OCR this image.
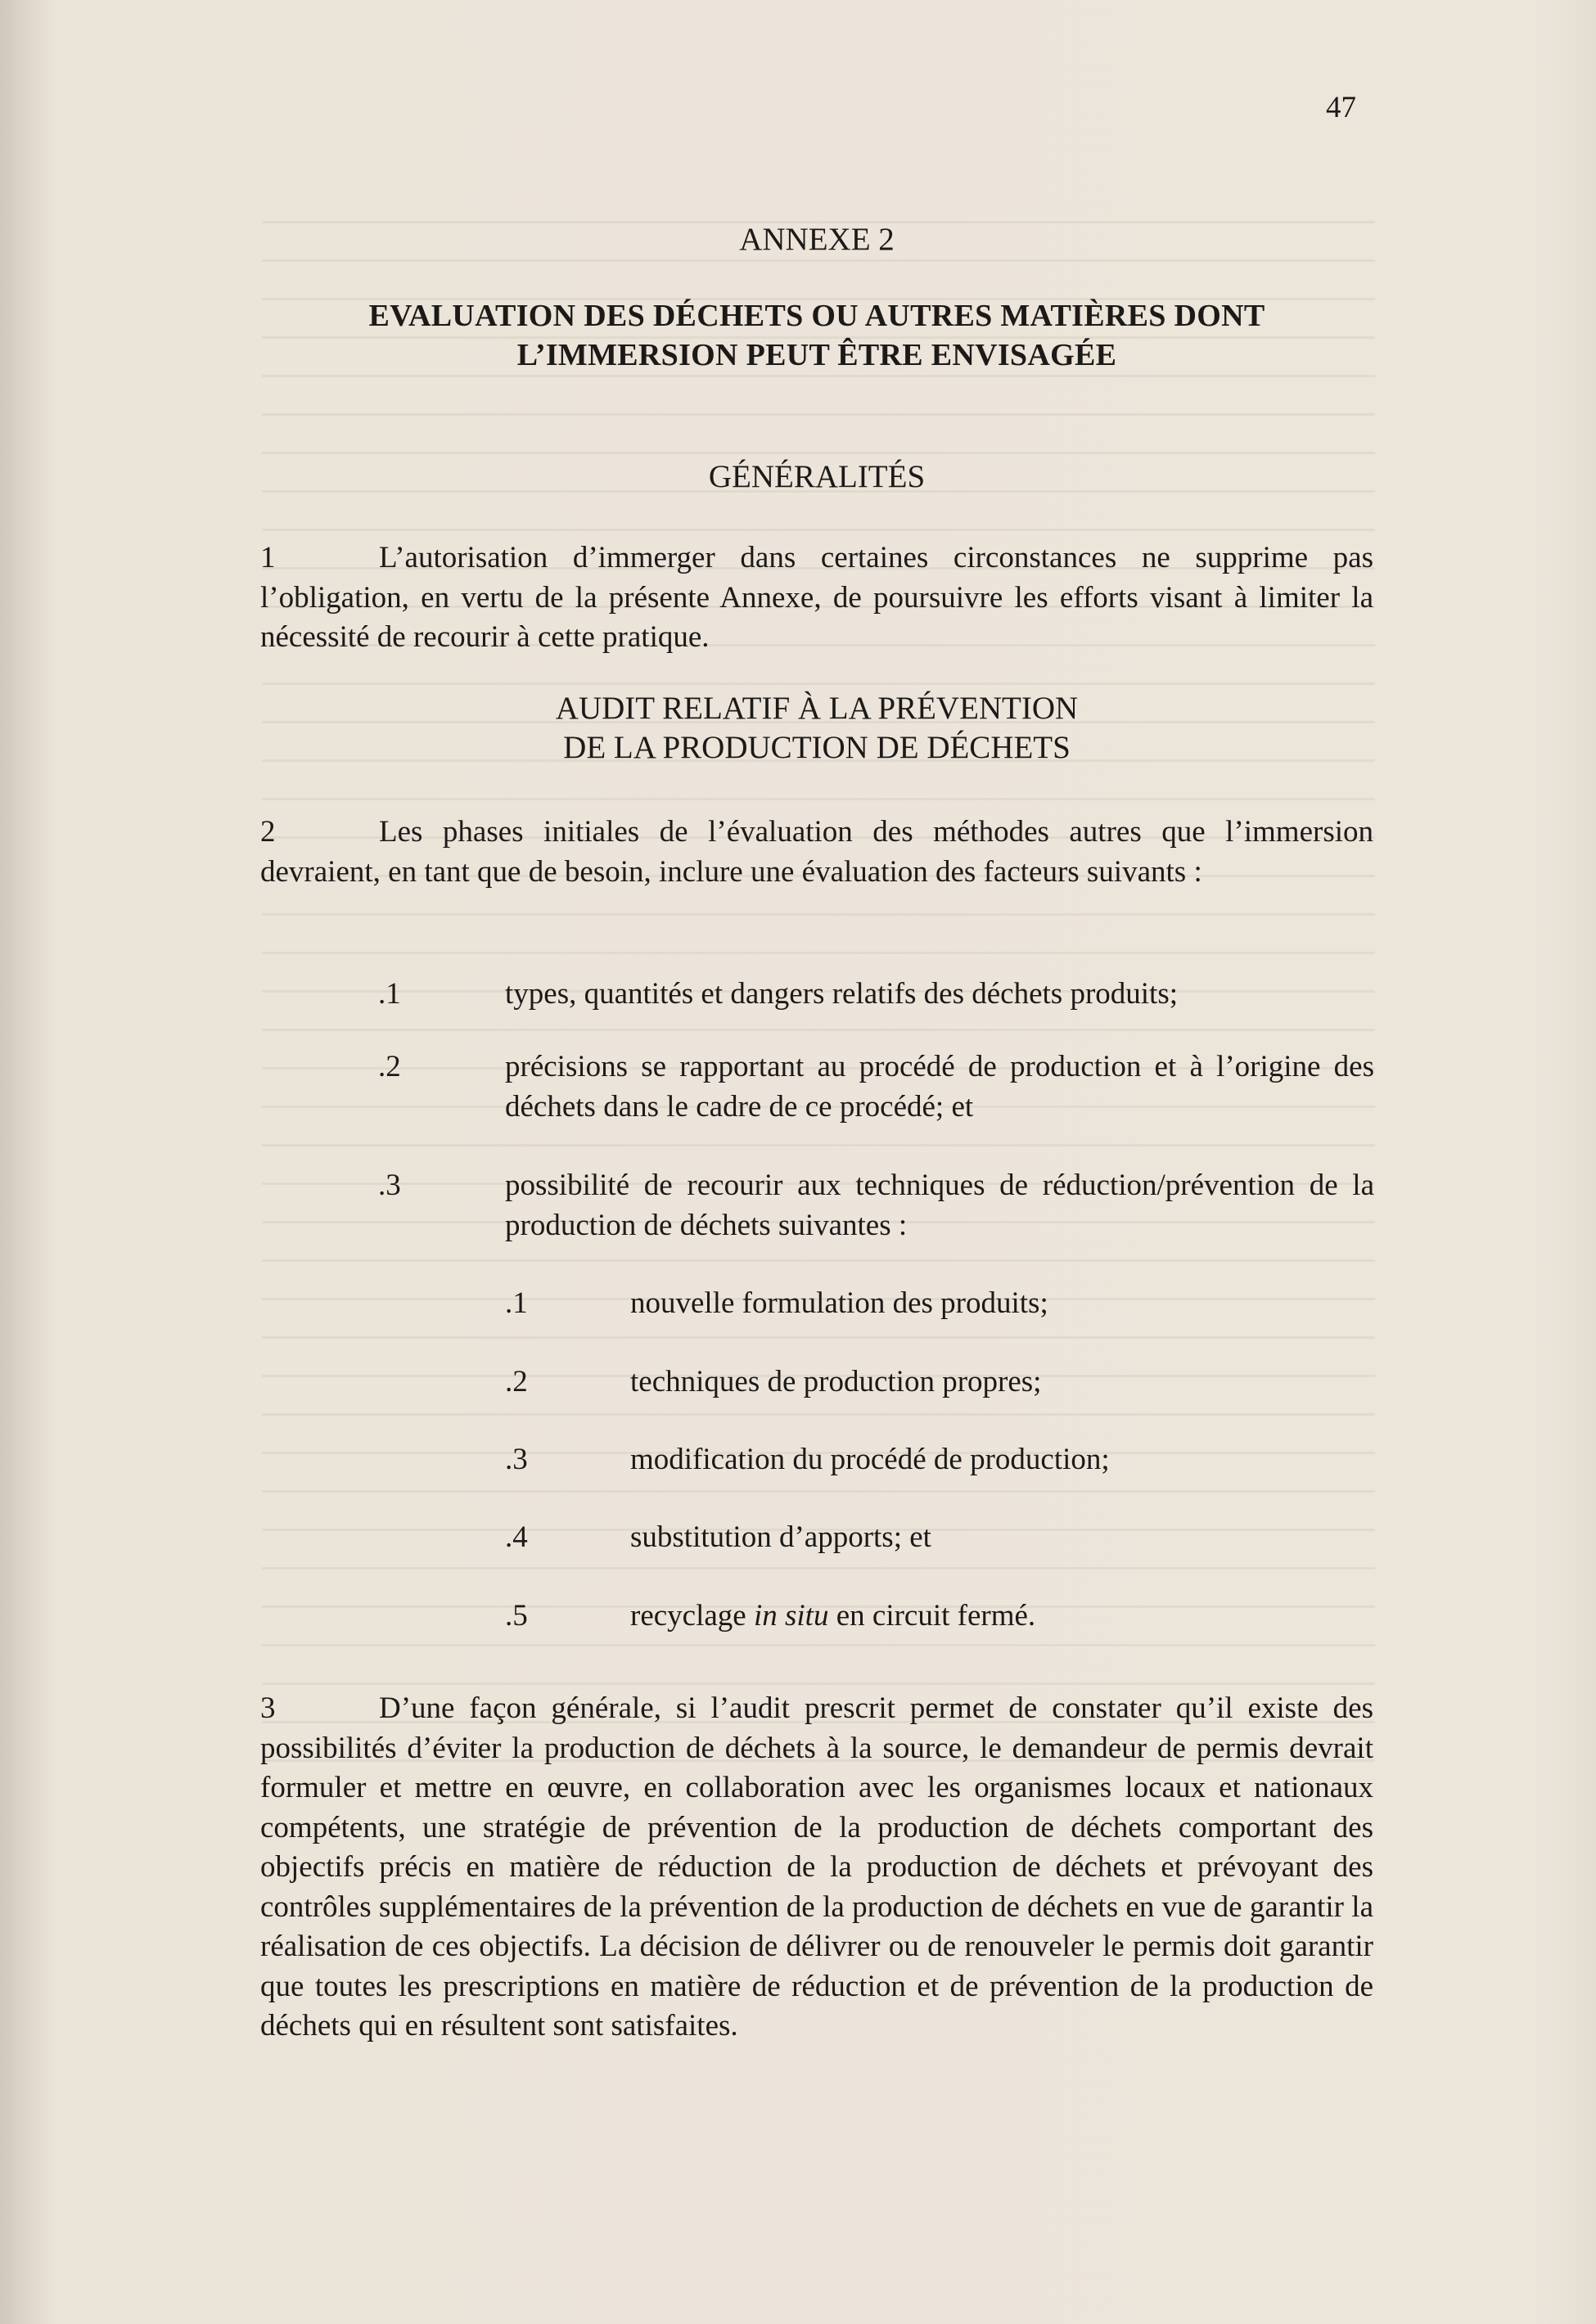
47
ANNEXE 2
EVALUATION DES DÉCHETS OU AUTRES MATIÈRES DONT
L’IMMERSION PEUT ÊTRE ENVISAGÉE
GÉNÉRALITÉS
1	L’autorisation d’immerger dans certaines circonstances ne supprime pas l’obligation, en vertu de la présente Annexe, de poursuivre les efforts visant à limiter la nécessité de recourir à cette pratique.
AUDIT RELATIF À LA PRÉVENTION
DE LA PRODUCTION DE DÉCHETS
2	Les phases initiales de l’évaluation des méthodes autres que l’immersion devraient, en tant que de besoin, inclure une évaluation des facteurs suivants :
.1	types, quantités et dangers relatifs des déchets produits;
.2	précisions se rapportant au procédé de production et à l’origine des déchets dans le cadre de ce procédé; et
.3	possibilité de recourir aux techniques de réduction/prévention de la production de déchets suivantes :
.1	nouvelle formulation des produits;
.2	techniques de production propres;
.3	modification du procédé de production;
.4	substitution d’apports; et
.5	recyclage in situ en circuit fermé.
3	D’une façon générale, si l’audit prescrit permet de constater qu’il existe des possibilités d’éviter la production de déchets à la source, le demandeur de permis devrait formuler et mettre en œuvre, en collaboration avec les organismes locaux et nationaux compétents, une stratégie de prévention de la production de déchets comportant des objectifs précis en matière de réduction de la production de déchets et prévoyant des contrôles supplémentaires de la prévention de la production de déchets en vue de garantir la réalisation de ces objectifs. La décision de délivrer ou de renouveler le permis doit garantir que toutes les prescriptions en matière de réduction et de prévention de la production de déchets qui en résultent sont satisfaites.
